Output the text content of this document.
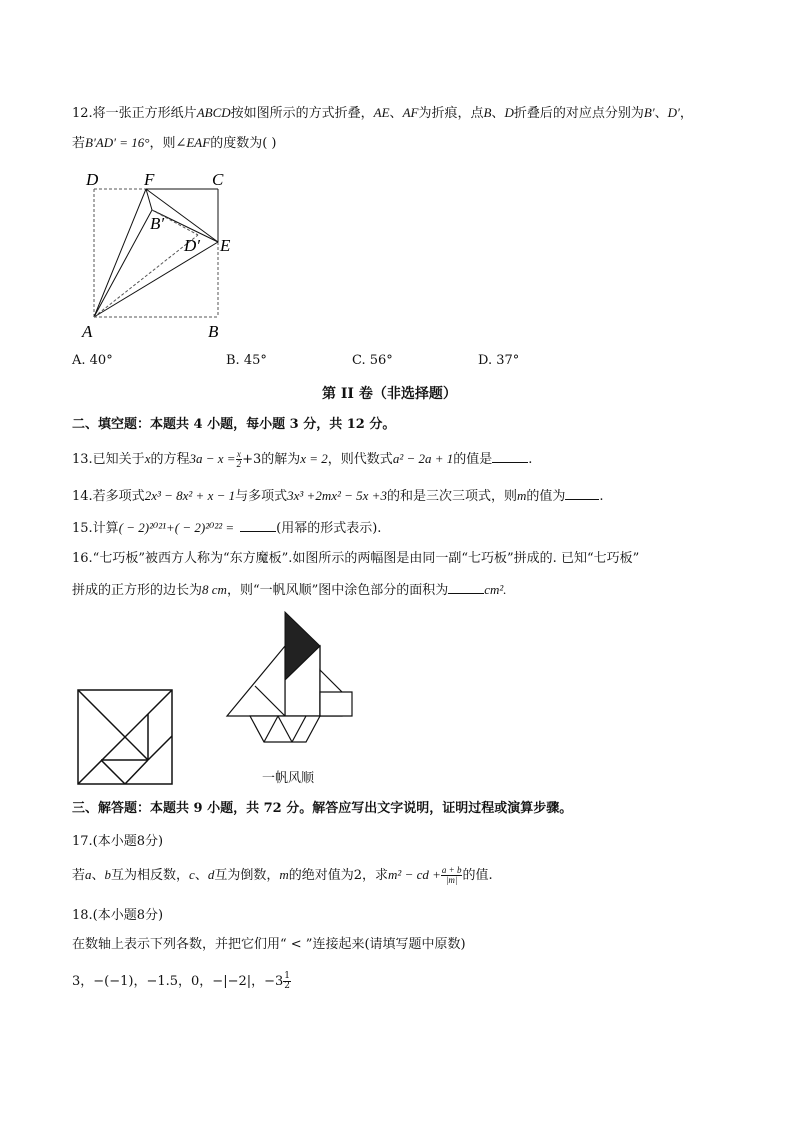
12.将一张正方形纸片ABCD按如图所示的方式折叠，AE、AF为折痕，点B、D折叠后的对应点分别为B′、D′，
若B′AD′ = 16°，则∠EAF的度数为( )
D	F	C
B′
D′ E
A	B
A. 40°	B. 45°	C. 56°	D. 37°
第 II 卷（非选择题）
二、填空题：本题共 4 小题，每小题 3 分，共 12 分。
13.已知关于x的方程$3a - x = \frac{x}{2} +3$的解为x = 2，则代数式a² − 2a + 1的值是	.
14.若多项式2x³ − 8x² + x − 1与多项式3x³ +2mx² − 5x +3的和是三次三项式，则m的值为	.
15.计算( − 2)²⁰²¹+( − 2)²⁰²² =	(用幂的形式表示).
16.“七巧板”被西方人称为“东方魔板”.如图所示的两幅图是由同一副“七巧板”拼成的. 已知“七巧板”
拼成的正方形的边长为8 cm，则“一帆风顺”图中涂色部分的面积为	cm².
一帆风顺
三、解答题：本题共 9 小题，共 72 分。解答应写出文字说明，证明过程或演算步骤。
17.(本小题8分)
若a、b互为相反数，c、d互为倒数，m的绝对值为2，求m² − cd + $\frac{a + b}{|m|}$ 的值.
18.(本小题8分)
在数轴上表示下列各数，并把它们用“ < ”连接起来(请填写题中原数)
3，−(−1)，−1.5，0，−|−2|，$-3 \frac{1}{2}$
